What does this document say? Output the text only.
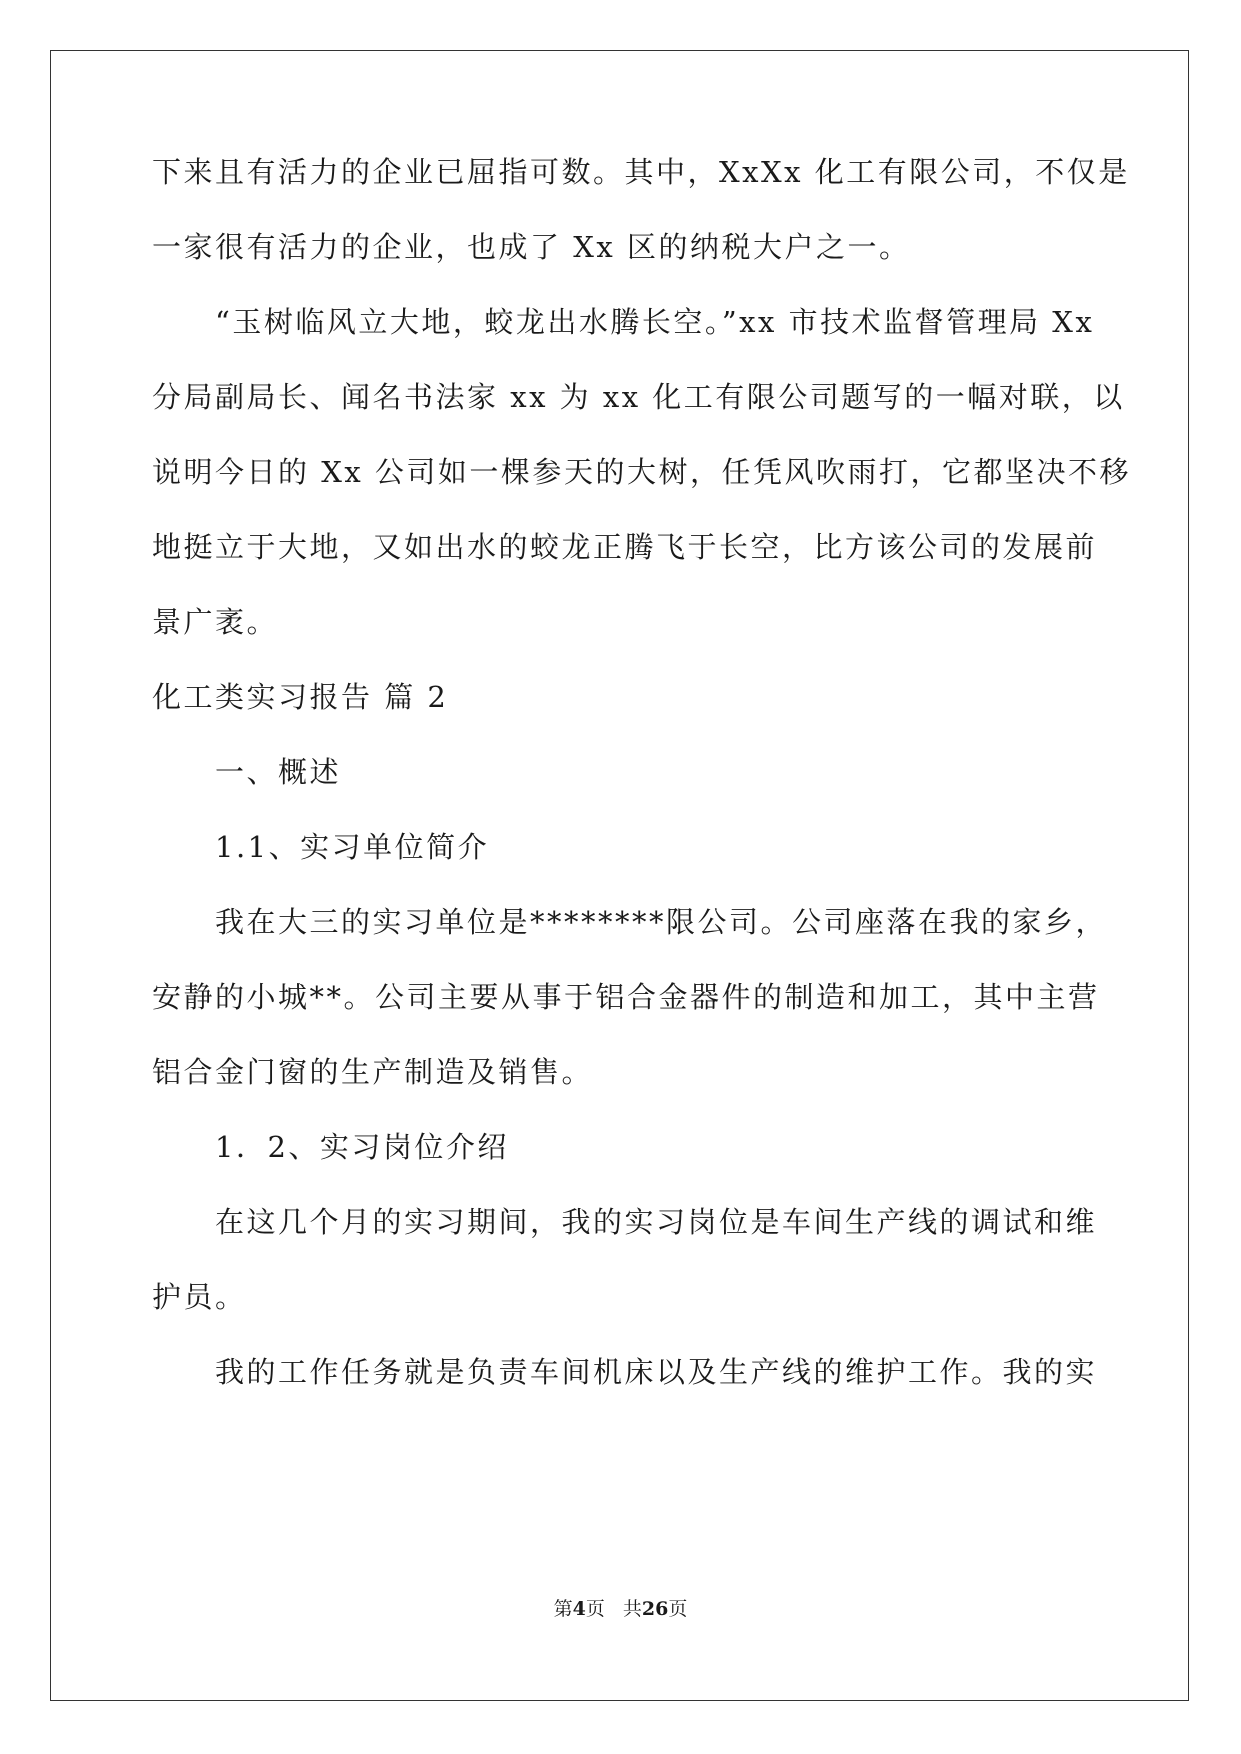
下来且有活力的企业已屈指可数。其中，XxXx 化工有限公司，不仅是
一家很有活力的企业，也成了 Xx 区的纳税大户之一。
“玉树临风立大地，蛟龙出水腾长空。”xx 市技术监督管理局 Xx
分局副局长、闻名书法家 xx 为 xx 化工有限公司题写的一幅对联，以
说明今日的 Xx 公司如一棵参天的大树，任凭风吹雨打，它都坚决不移
地挺立于大地，又如出水的蛟龙正腾飞于长空，比方该公司的发展前
景广袤。
化工类实习报告 篇 2
一、概述
1.1、实习单位简介
我在大三的实习单位是********限公司。公司座落在我的家乡，
安静的小城**。公司主要从事于铝合金器件的制造和加工，其中主营
铝合金门窗的生产制造及销售。
1．2、实习岗位介绍
在这几个月的实习期间，我的实习岗位是车间生产线的调试和维
护员。
我的工作任务就是负责车间机床以及生产线的维护工作。我的实
第4页 共26页
